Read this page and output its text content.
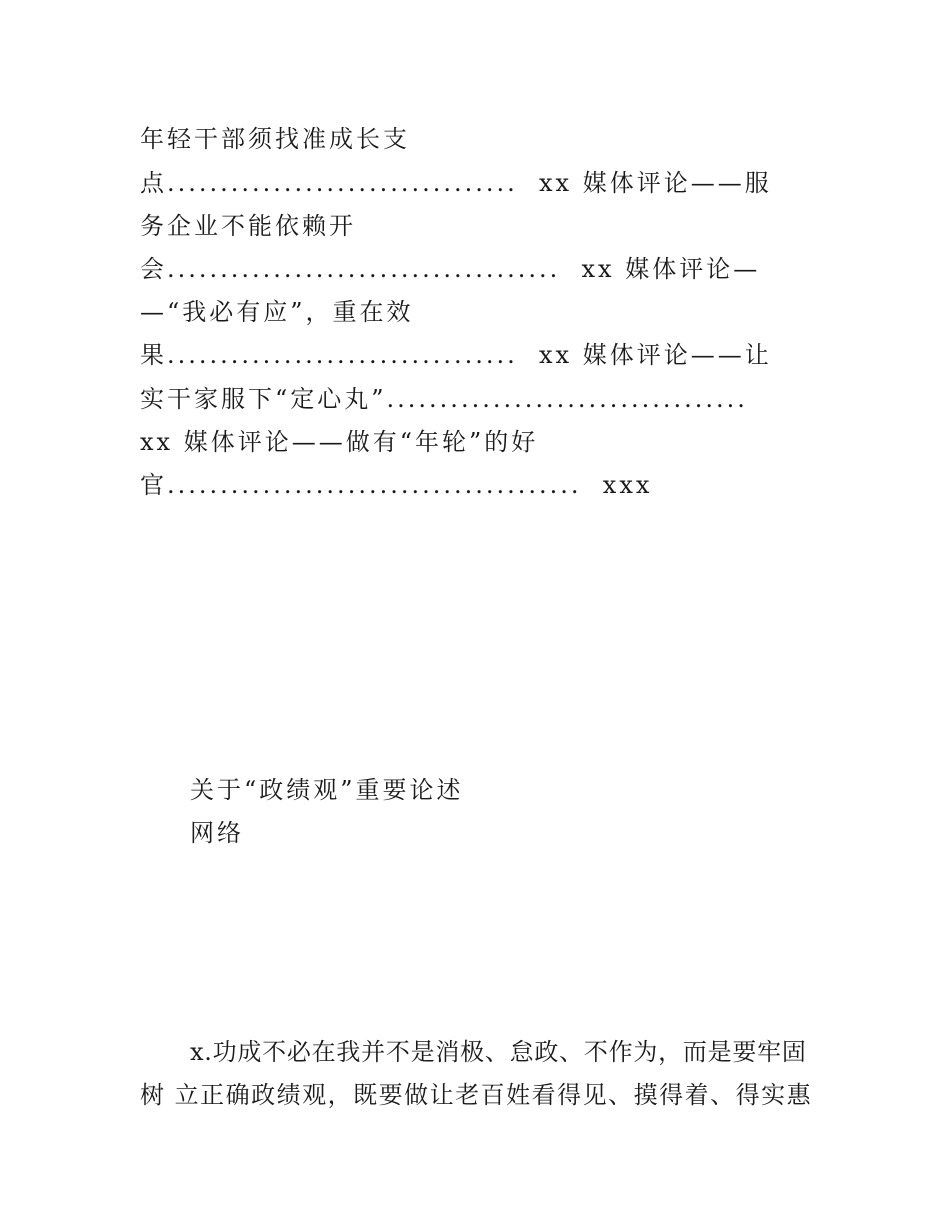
年轻干部须找准成长支
点.................................  xx 媒体评论——服
务企业不能依赖开
会.....................................  xx 媒体评论—
—“我必有应”，重在效
果.................................  xx 媒体评论——让
实干家服下“定心丸”..................................
xx 媒体评论——做有“年轮”的好
官.......................................  xxx
关于“政绩观”重要论述
网络
x.功成不必在我并不是消极、怠政、不作为，而是要牢固
树 立正确政绩观，既要做让老百姓看得见、摸得着、得实惠
